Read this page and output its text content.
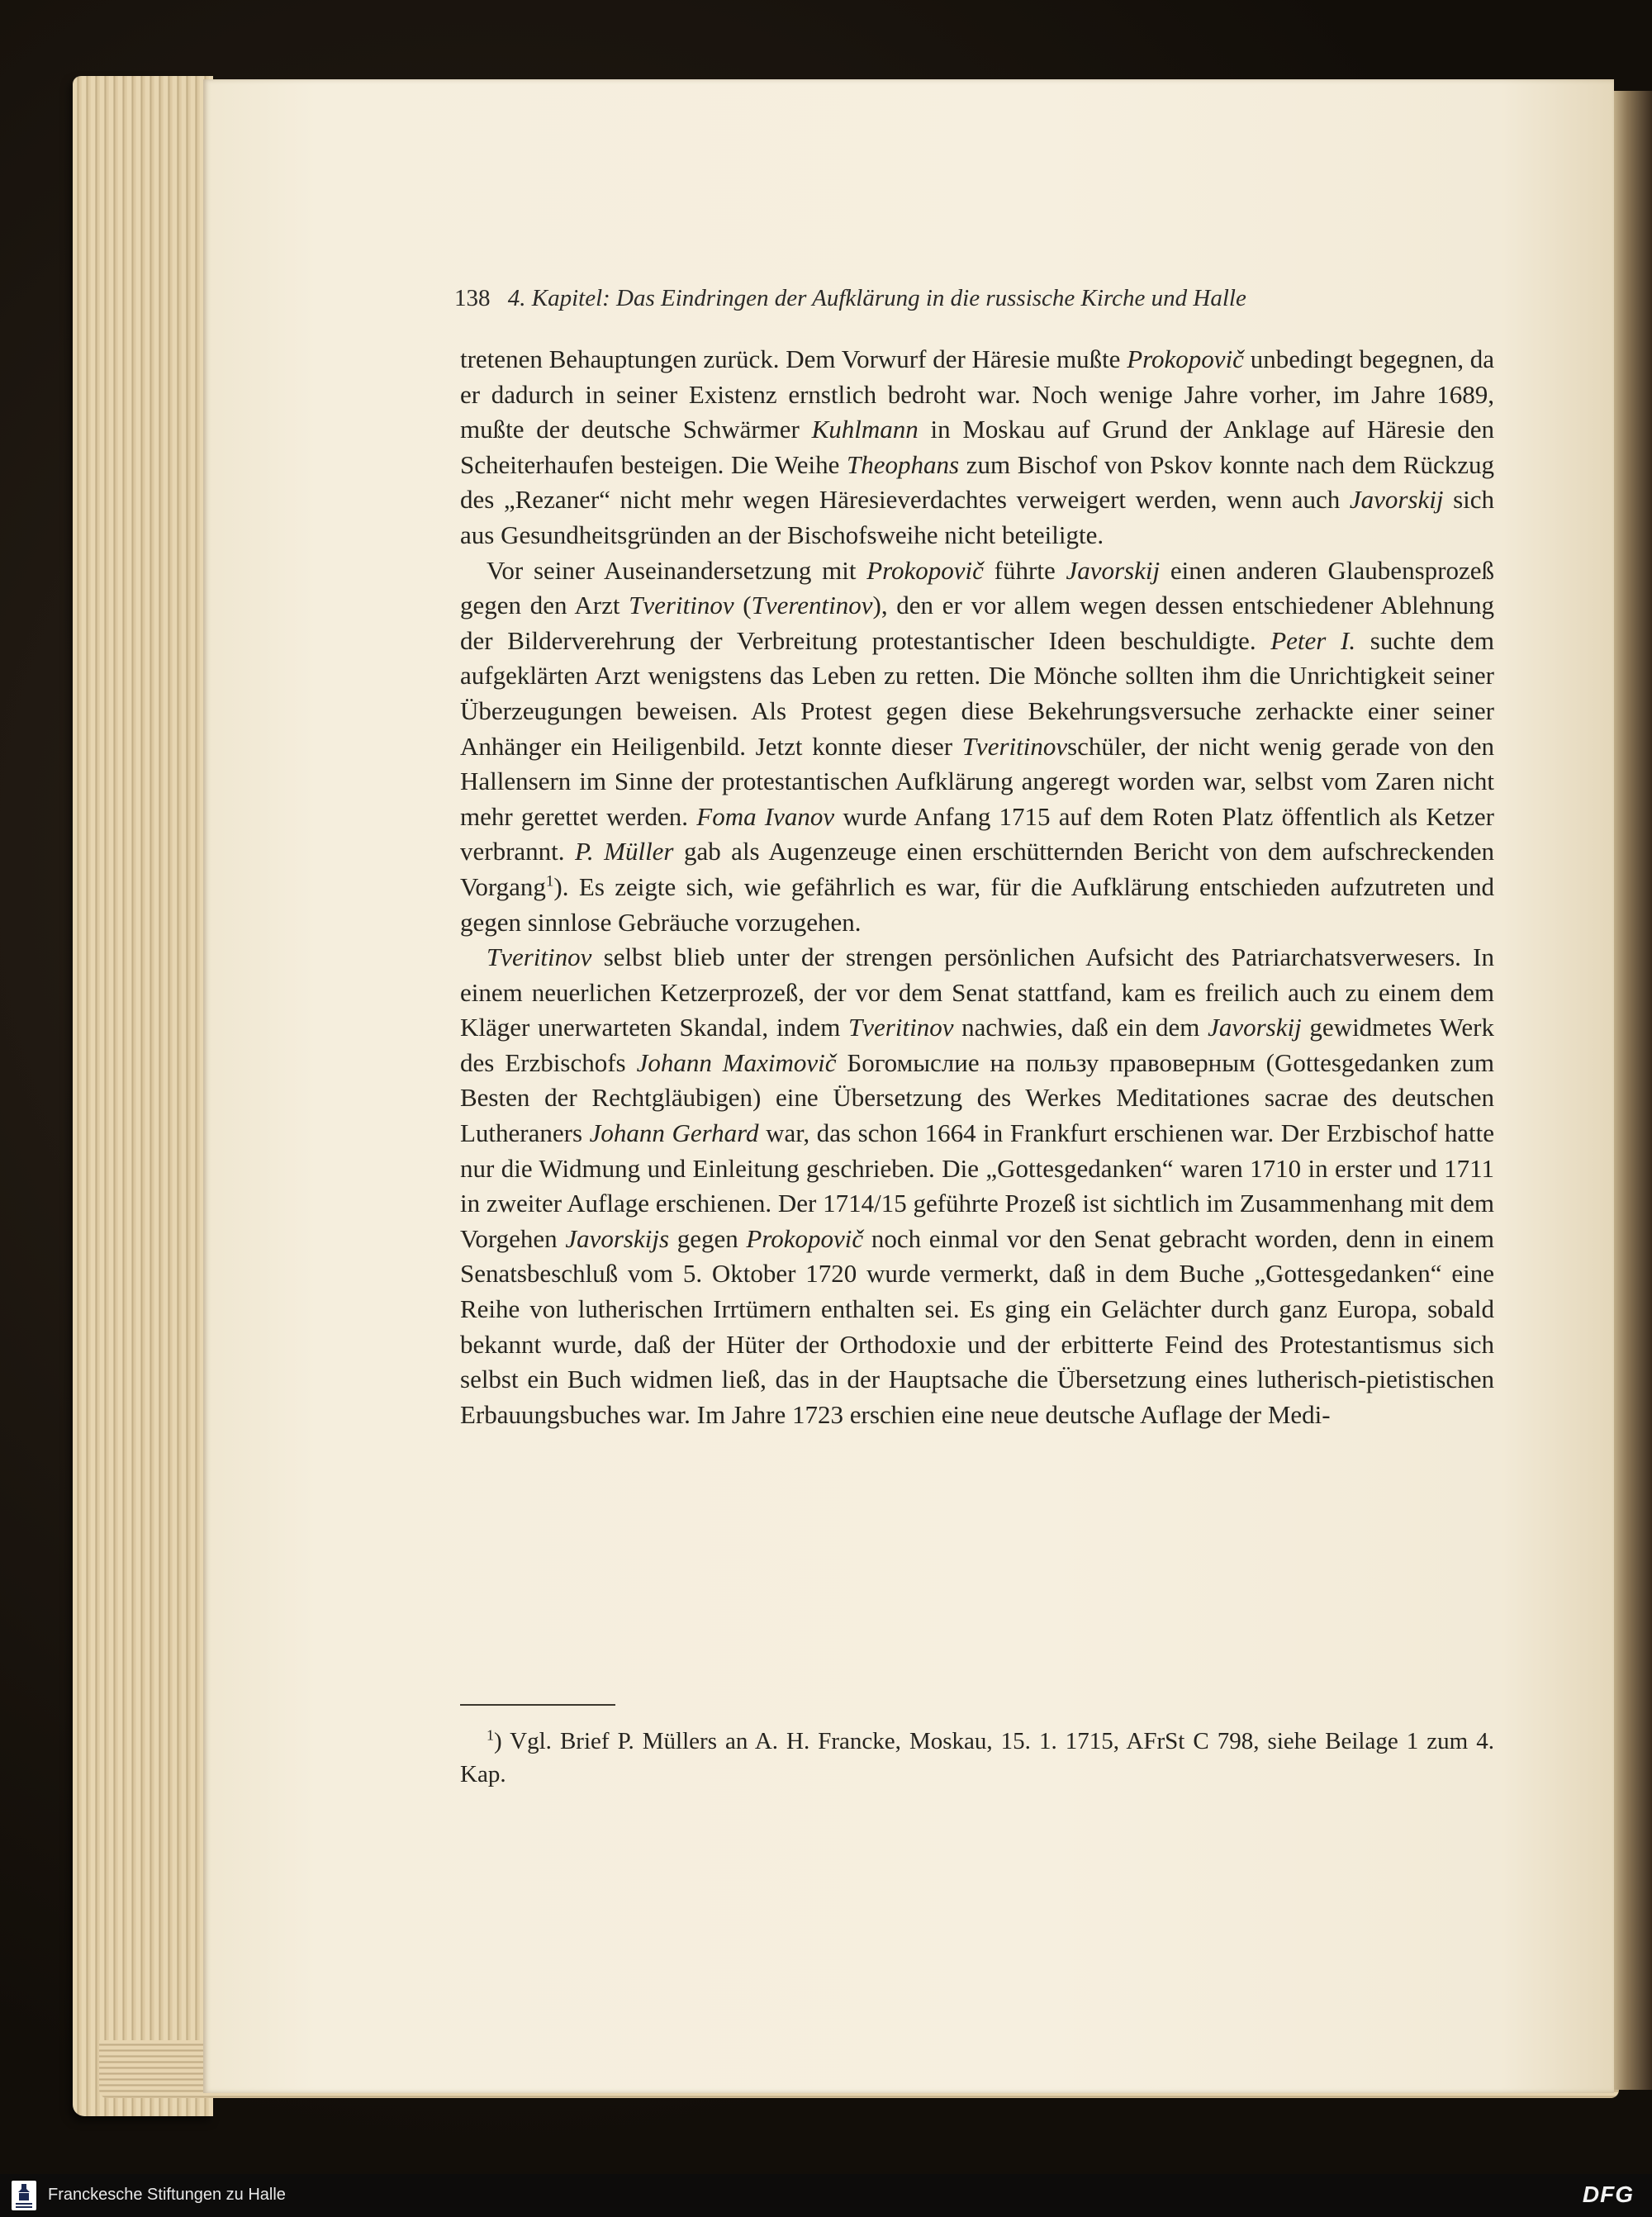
138 4. Kapitel: Das Eindringen der Aufklärung in die russische Kirche und Halle

tretenen Behauptungen zurück. Dem Vorwurf der Häresie mußte Prokopovič unbedingt begegnen, da er dadurch in seiner Existenz ernstlich bedroht war. Noch wenige Jahre vorher, im Jahre 1689, mußte der deutsche Schwärmer Kuhlmann in Moskau auf Grund der Anklage auf Häresie den Scheiterhaufen besteigen. Die Weihe Theophans zum Bischof von Pskov konnte nach dem Rückzug des „Rezaner“ nicht mehr wegen Häresieverdachtes verweigert werden, wenn auch Javorskij sich aus Gesundheitsgründen an der Bischofsweihe nicht beteiligte.

Vor seiner Auseinandersetzung mit Prokopovič führte Javorskij einen anderen Glaubensprozeß gegen den Arzt Tveritinov (Tverentinov), den er vor allem wegen dessen entschiedener Ablehnung der Bilderverehrung der Verbreitung protestantischer Ideen beschuldigte. Peter I. suchte dem aufgeklärten Arzt wenigstens das Leben zu retten. Die Mönche sollten ihm die Unrichtigkeit seiner Überzeugungen beweisen. Als Protest gegen diese Bekehrungsversuche zerhackte einer seiner Anhänger ein Heiligenbild. Jetzt konnte dieser Tveritinovschüler, der nicht wenig gerade von den Hallensern im Sinne der protestantischen Aufklärung angeregt worden war, selbst vom Zaren nicht mehr gerettet werden. Foma Ivanov wurde Anfang 1715 auf dem Roten Platz öffentlich als Ketzer verbrannt. P. Müller gab als Augenzeuge einen erschütternden Bericht von dem aufschreckenden Vorgang$^1$). Es zeigte sich, wie gefährlich es war, für die Aufklärung entschieden aufzutreten und gegen sinnlose Gebräuche vorzugehen.

Tveritinov selbst blieb unter der strengen persönlichen Aufsicht des Patriarchatsverwesers. In einem neuerlichen Ketzerprozeß, der vor dem Senat stattfand, kam es freilich auch zu einem dem Kläger unerwarteten Skandal, indem Tveritinov nachwies, daß ein dem Javorskij gewidmetes Werk des Erzbischofs Johann Maximovič Богомыслие на пользу правоверным (Gottesgedanken zum Besten der Rechtgläubigen) eine Übersetzung des Werkes Meditationes sacrae des deutschen Lutheraners Johann Gerhard war, das schon 1664 in Frankfurt erschienen war. Der Erzbischof hatte nur die Widmung und Einleitung geschrieben. Die „Gottesgedanken“ waren 1710 in erster und 1711 in zweiter Auflage erschienen. Der 1714/15 geführte Prozeß ist sichtlich im Zusammenhang mit dem Vorgehen Javorskijs gegen Prokopovič noch einmal vor den Senat gebracht worden, denn in einem Senatsbeschluß vom 5. Oktober 1720 wurde vermerkt, daß in dem Buche „Gottesgedanken“ eine Reihe von lutherischen Irrtümern enthalten sei. Es ging ein Gelächter durch ganz Europa, sobald bekannt wurde, daß der Hüter der Orthodoxie und der erbitterte Feind des Protestantismus sich selbst ein Buch widmen ließ, das in der Hauptsache die Übersetzung eines lutherisch-pietistischen Erbauungsbuches war. Im Jahre 1723 erschien eine neue deutsche Auflage der Medi-

$^1$) Vgl. Brief P. Müllers an A. H. Francke, Moskau, 15. 1. 1715, AFrSt C 798, siehe Beilage 1 zum 4. Kap.

Franckesche Stiftungen zu Halle	DFG
